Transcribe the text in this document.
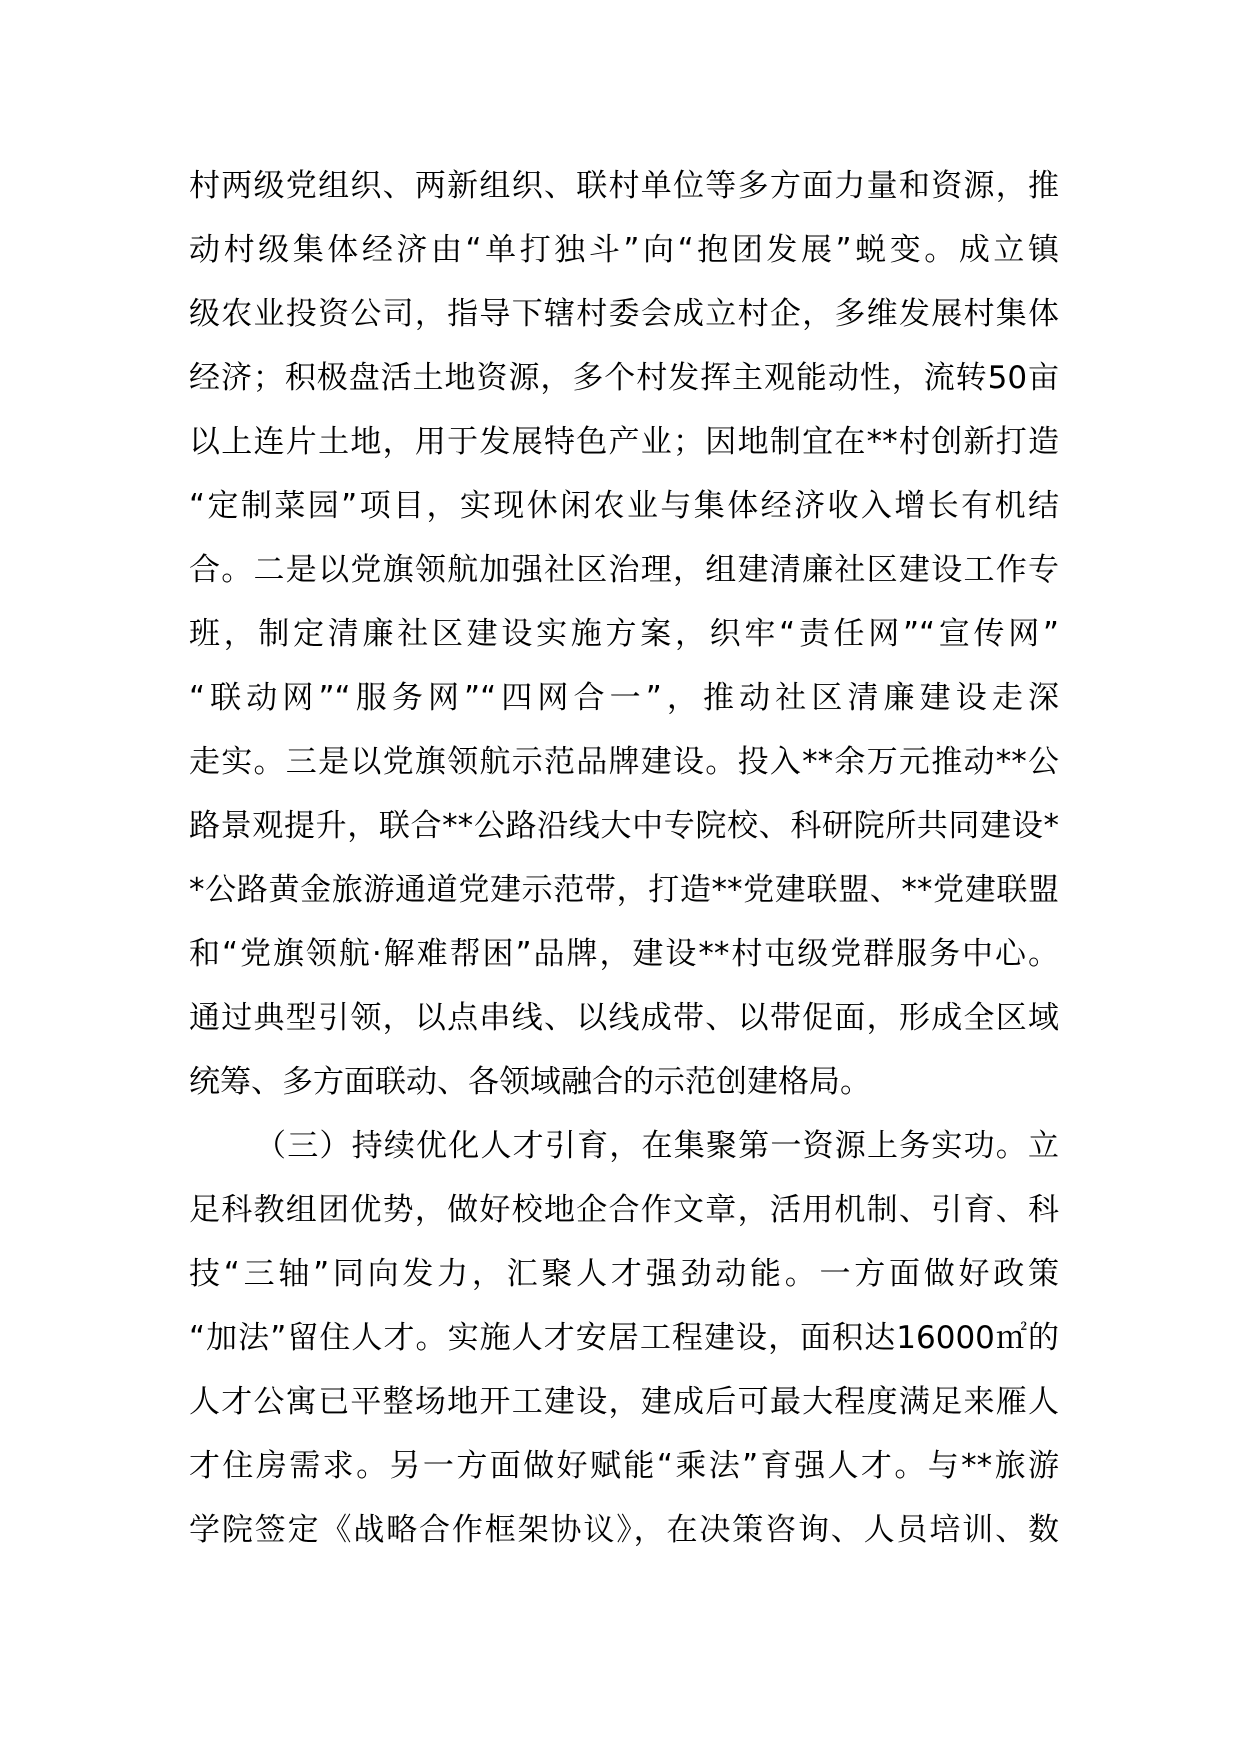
村两级党组织、两新组织、联村单位等多方面力量和资源，推
动村级集体经济由“单打独斗”向“抱团发展”蜕变。成立镇
级农业投资公司，指导下辖村委会成立村企，多维发展村集体
经济；积极盘活土地资源，多个村发挥主观能动性，流转50亩
以上连片土地，用于发展特色产业；因地制宜在**村创新打造
“定制菜园”项目，实现休闲农业与集体经济收入增长有机结
合。二是以党旗领航加强社区治理，组建清廉社区建设工作专
班，制定清廉社区建设实施方案，织牢“责任网”“宣传网”
“联动网”“服务网”“四网合一”，推动社区清廉建设走深
走实。三是以党旗领航示范品牌建设。投入**余万元推动**公
路景观提升，联合**公路沿线大中专院校、科研院所共同建设*
*公路黄金旅游通道党建示范带，打造**党建联盟、**党建联盟
和“党旗领航·解难帮困”品牌，建设**村屯级党群服务中心。
通过典型引领，以点串线、以线成带、以带促面，形成全区域
统筹、多方面联动、各领域融合的示范创建格局。
（三）持续优化人才引育，在集聚第一资源上务实功。立
足科教组团优势，做好校地企合作文章，活用机制、引育、科
技“三轴”同向发力，汇聚人才强劲动能。一方面做好政策
“加法”留住人才。实施人才安居工程建设，面积达16000㎡的
人才公寓已平整场地开工建设，建成后可最大程度满足来雁人
才住房需求。另一方面做好赋能“乘法”育强人才。与**旅游
学院签定《战略合作框架协议》，在决策咨询、人员培训、数
